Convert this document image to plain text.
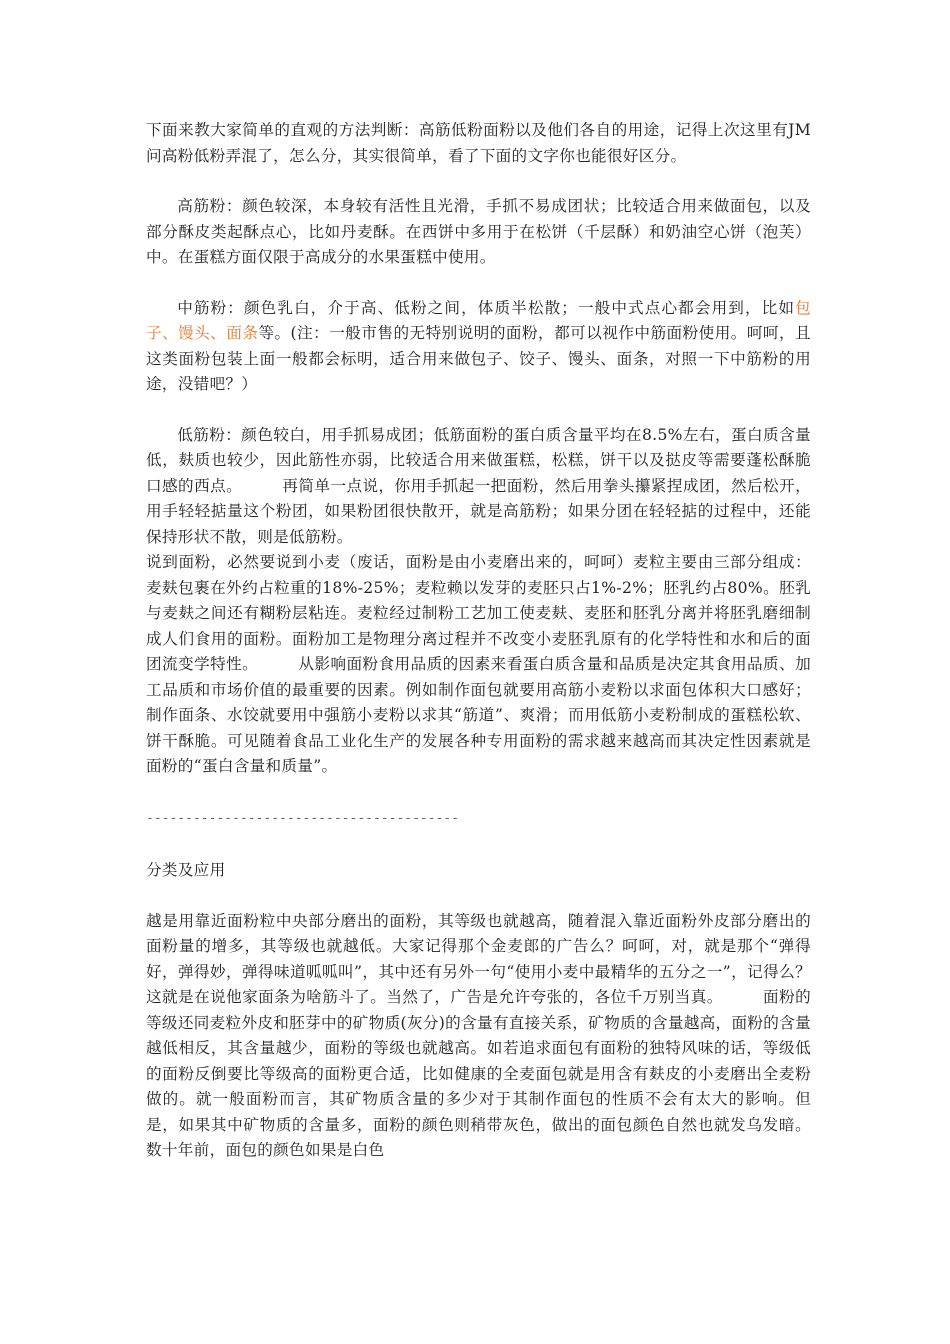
下面来教大家简单的直观的方法判断：高筋低粉面粉以及他们各自的用途，记得上次这里有JM问高粉低粉弄混了，怎么分，其实很简单，看了下面的文字你也能很好区分。

高筋粉：颜色较深，本身较有活性且光滑，手抓不易成团状；比较适合用来做面包，以及部分酥皮类起酥点心，比如丹麦酥。在西饼中多用于在松饼（千层酥）和奶油空心饼（泡芙）中。在蛋糕方面仅限于高成分的水果蛋糕中使用。

中筋粉：颜色乳白，介于高、低粉之间，体质半松散；一般中式点心都会用到，比如包子、馒头、面条等。(注：一般市售的无特别说明的面粉，都可以视作中筋面粉使用。呵呵，且这类面粉包装上面一般都会标明，适合用来做包子、饺子、馒头、面条，对照一下中筋粉的用途，没错吧？）

低筋粉：颜色较白，用手抓易成团；低筋面粉的蛋白质含量平均在8.5%左右，蛋白质含量低，麸质也较少，因此筋性亦弱，比较适合用来做蛋糕，松糕，饼干以及挞皮等需要蓬松酥脆口感的西点。　　　再简单一点说，你用手抓起一把面粉，然后用拳头攥紧捏成团，然后松开，用手轻轻掂量这个粉团，如果粉团很快散开，就是高筋粉；如果分团在轻轻掂的过程中，还能保持形状不散，则是低筋粉。

说到面粉，必然要说到小麦（废话，面粉是由小麦磨出来的，呵呵）麦粒主要由三部分组成：麦麸包裹在外约占粒重的18%-25%；麦粒赖以发芽的麦胚只占1%-2%；胚乳约占80%。胚乳与麦麸之间还有糊粉层粘连。麦粒经过制粉工艺加工使麦麸、麦胚和胚乳分离并将胚乳磨细制成人们食用的面粉。面粉加工是物理分离过程并不改变小麦胚乳原有的化学特性和水和后的面团流变学特性。　　　从影响面粉食用品质的因素来看蛋白质含量和品质是决定其食用品质、加工品质和市场价值的最重要的因素。例如制作面包就要用高筋小麦粉以求面包体积大口感好；制作面条、水饺就要用中强筋小麦粉以求其“筋道”、爽滑；而用低筋小麦粉制成的蛋糕松软、饼干酥脆。可见随着食品工业化生产的发展各种专用面粉的需求越来越高而其决定性因素就是面粉的“蛋白含量和质量”。

----------------------------------------

分类及应用

越是用靠近面粉粒中央部分磨出的面粉，其等级也就越高，随着混入靠近面粉外皮部分磨出的面粉量的增多，其等级也就越低。大家记得那个金麦郎的广告么？呵呵，对，就是那个“弹得好，弹得妙，弹得味道呱呱叫”，其中还有另外一句“使用小麦中最精华的五分之一”，记得么？这就是在说他家面条为啥筋斗了。当然了，广告是允许夸张的，各位千万别当真。　　　面粉的等级还同麦粒外皮和胚芽中的矿物质(灰分)的含量有直接关系，矿物质的含量越高，面粉的含量越低相反，其含量越少，面粉的等级也就越高。如若追求面包有面粉的独特风味的话，等级低的面粉反倒要比等级高的面粉更合适，比如健康的全麦面包就是用含有麸皮的小麦磨出全麦粉做的。就一般面粉而言，其矿物质含量的多少对于其制作面包的性质不会有太大的影响。但是，如果其中矿物质的含量多，面粉的颜色则稍带灰色，做出的面包颜色自然也就发乌发暗。数十年前，面包的颜色如果是白色
